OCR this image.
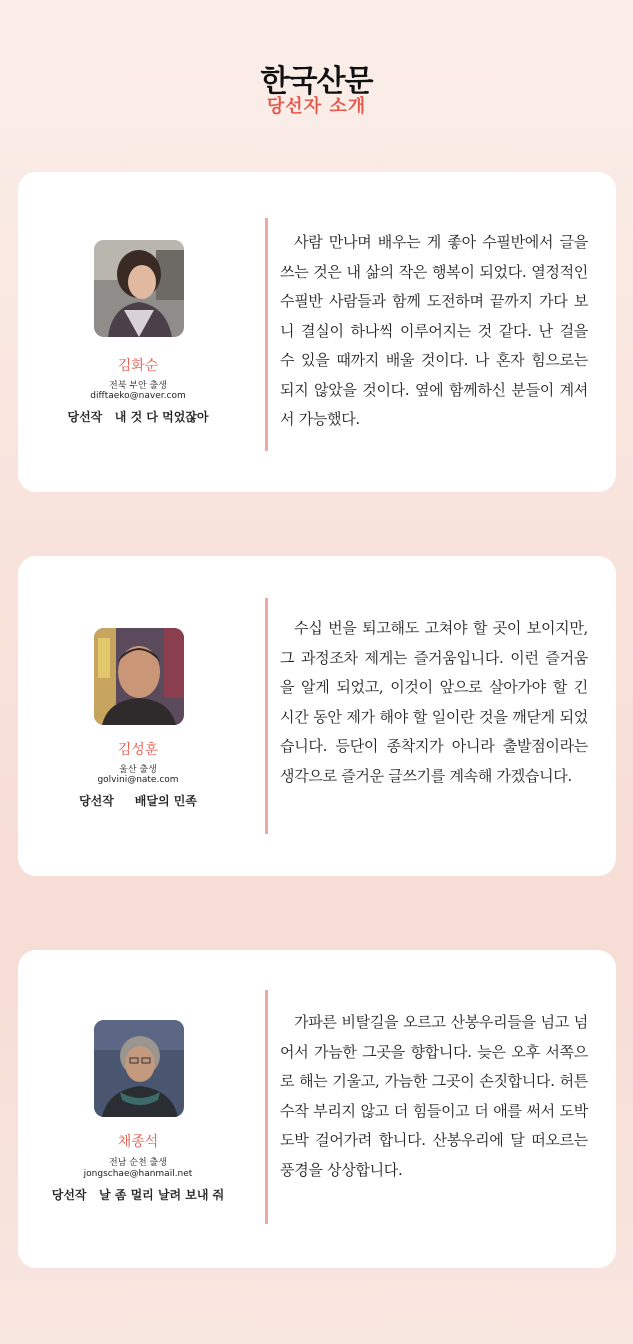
한국산문
당선자 소개
김화순
전북 부안 출생
difftaeko@naver.com
당선작   내 것 다 먹었잖아
사람 만나며 배우는 게 좋아 수필반에서 글을 쓰는 것은 내 삶의 작은 행복이 되었다. 열정적인 수필반 사람들과 함께 도전하며 끝까지 가다 보니 결실이 하나씩 이루어지는 것 같다. 난 걸을 수 있을 때까지 배울 것이다. 나 혼자 힘으로는 되지 않았을 것이다. 옆에 함께하신 분들이 계셔서 가능했다.
김성훈
울산 출생
golvini@nate.com
당선작     배달의 민족
수십 번을 퇴고해도 고쳐야 할 곳이 보이지만, 그 과정조차 제게는 즐거움입니다. 이런 즐거움을 알게 되었고, 이것이 앞으로 살아가야 할 긴 시간 동안 제가 해야 할 일이란 것을 깨닫게 되었습니다. 등단이 종착지가 아니라 출발점이라는 생각으로 즐거운 글쓰기를 계속해 가겠습니다.
채종석
전남 순천 출생
jongschae@hanmail.net
당선작   날 좀 멀리 날려 보내 줘
가파른 비탈길을 오르고 산봉우리들을 넘고 넘어서 가늠한 그곳을 향합니다. 늦은 오후 서쪽으로 해는 기울고, 가늠한 그곳이 손짓합니다. 허튼 수작 부리지 않고 더 힘들이고 더 애를 써서 도박도박 걸어가려 합니다. 산봉우리에 달 떠오르는 풍경을 상상합니다.
